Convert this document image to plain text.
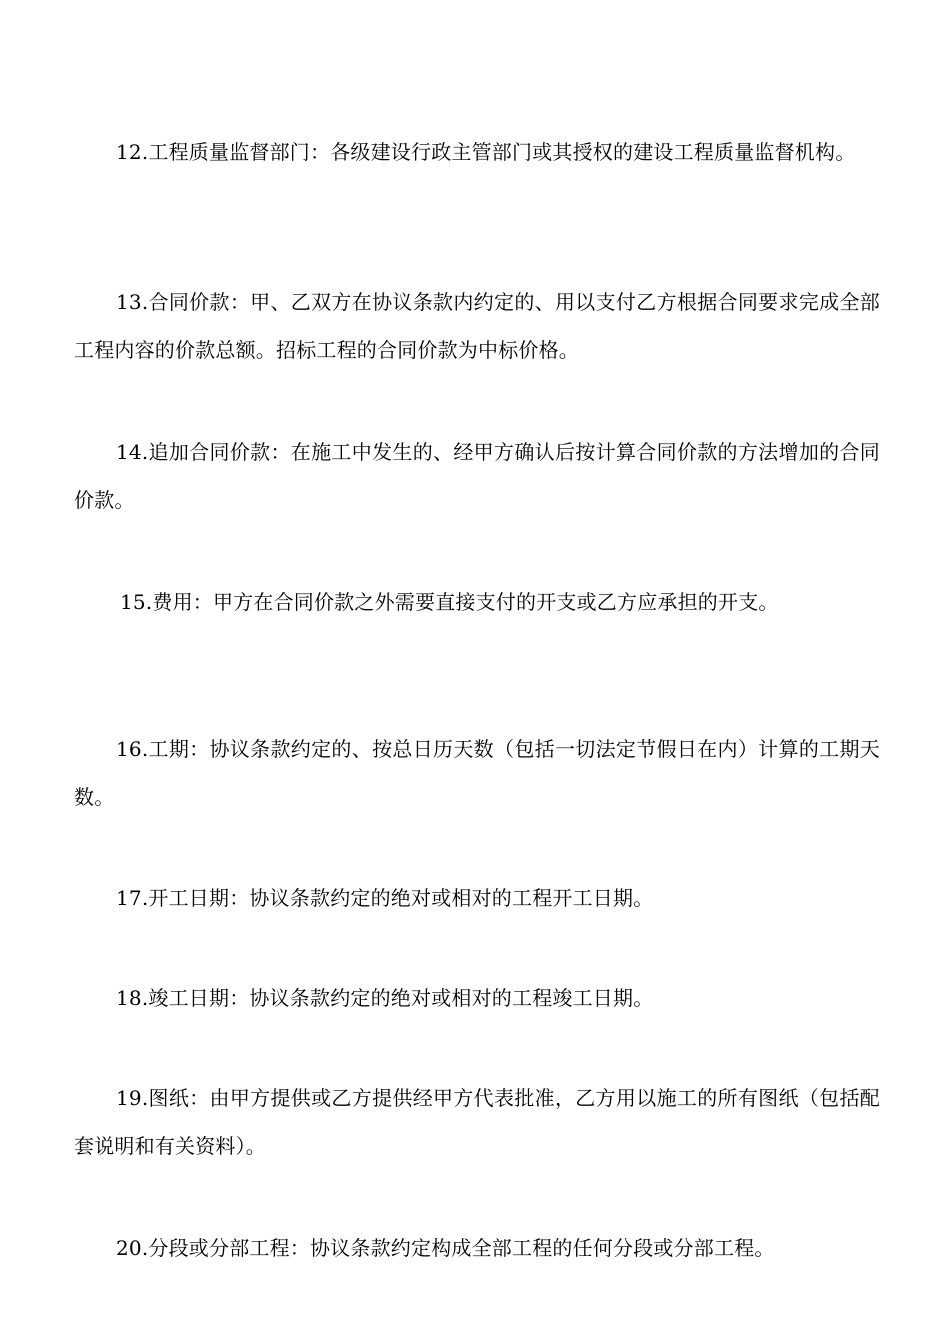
12.工程质量监督部门：各级建设行政主管部门或其授权的建设工程质量监督机构。

13.合同价款：甲、乙双方在协议条款内约定的、用以支付乙方根据合同要求完成全部工程内容的价款总额。招标工程的合同价款为中标价格。

14.追加合同价款：在施工中发生的、经甲方确认后按计算合同价款的方法增加的合同价款。

15.费用：甲方在合同价款之外需要直接支付的开支或乙方应承担的开支。

16.工期：协议条款约定的、按总日历天数（包括一切法定节假日在内）计算的工期天数。

17.开工日期：协议条款约定的绝对或相对的工程开工日期。

18.竣工日期：协议条款约定的绝对或相对的工程竣工日期。

19.图纸：由甲方提供或乙方提供经甲方代表批准，乙方用以施工的所有图纸（包括配套说明和有关资料）。

20.分段或分部工程：协议条款约定构成全部工程的任何分段或分部工程。
